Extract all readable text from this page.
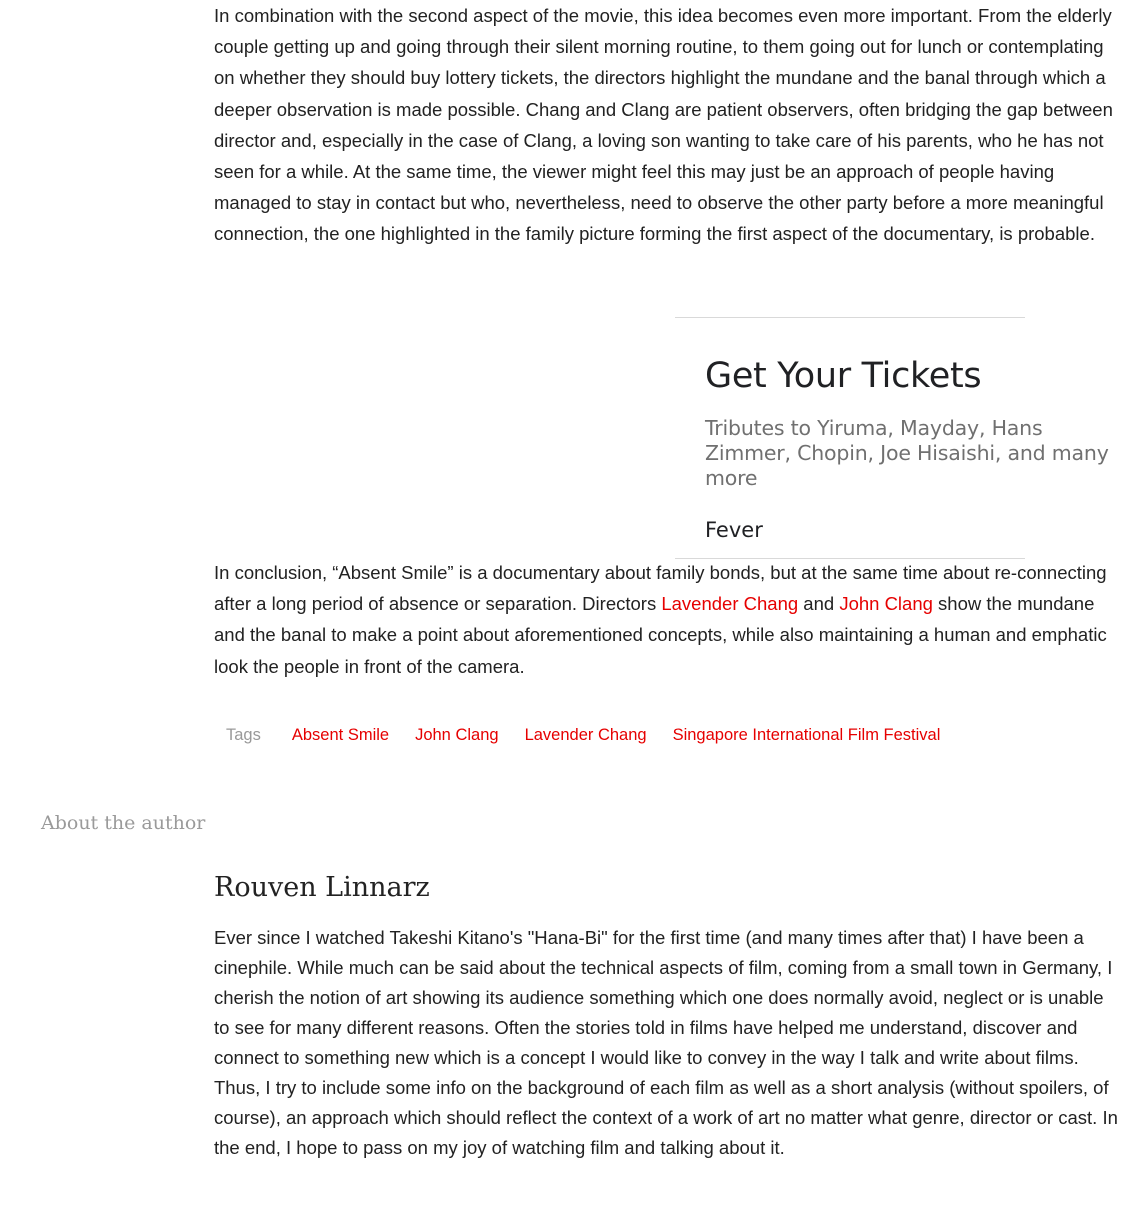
In combination with the second aspect of the movie, this idea becomes even more important. From the elderly couple getting up and going through their silent morning routine, to them going out for lunch or contemplating on whether they should buy lottery tickets, the directors highlight the mundane and the banal through which a deeper observation is made possible. Chang and Clang are patient observers, often bridging the gap between director and, especially in the case of Clang, a loving son wanting to take care of his parents, who he has not seen for a while. At the same time, the viewer might feel this may just be an approach of people having managed to stay in contact but who, nevertheless, need to observe the other party before a more meaningful connection, the one highlighted in the family picture forming the first aspect of the documentary, is probable.

Get Your Tickets
Tributes to Yiruma, Mayday, Hans Zimmer, Chopin, Joe Hisaishi, and many more
Fever

In conclusion, “Absent Smile” is a documentary about family bonds, but at the same time about re-connecting after a long period of absence or separation. Directors Lavender Chang and John Clang show the mundane and the banal to make a point about aforementioned concepts, while also maintaining a human and emphatic look the people in front of the camera.

Tags Absent Smile John Clang Lavender Chang Singapore International Film Festival
About the author
Rouven Linnarz

Ever since I watched Takeshi Kitano's "Hana-Bi" for the first time (and many times after that) I have been a cinephile. While much can be said about the technical aspects of film, coming from a small town in Germany, I cherish the notion of art showing its audience something which one does normally avoid, neglect or is unable to see for many different reasons. Often the stories told in films have helped me understand, discover and connect to something new which is a concept I would like to convey in the way I talk and write about films. Thus, I try to include some info on the background of each film as well as a short analysis (without spoilers, of course), an approach which should reflect the context of a work of art no matter what genre, director or cast. In the end, I hope to pass on my joy of watching film and talking about it.
